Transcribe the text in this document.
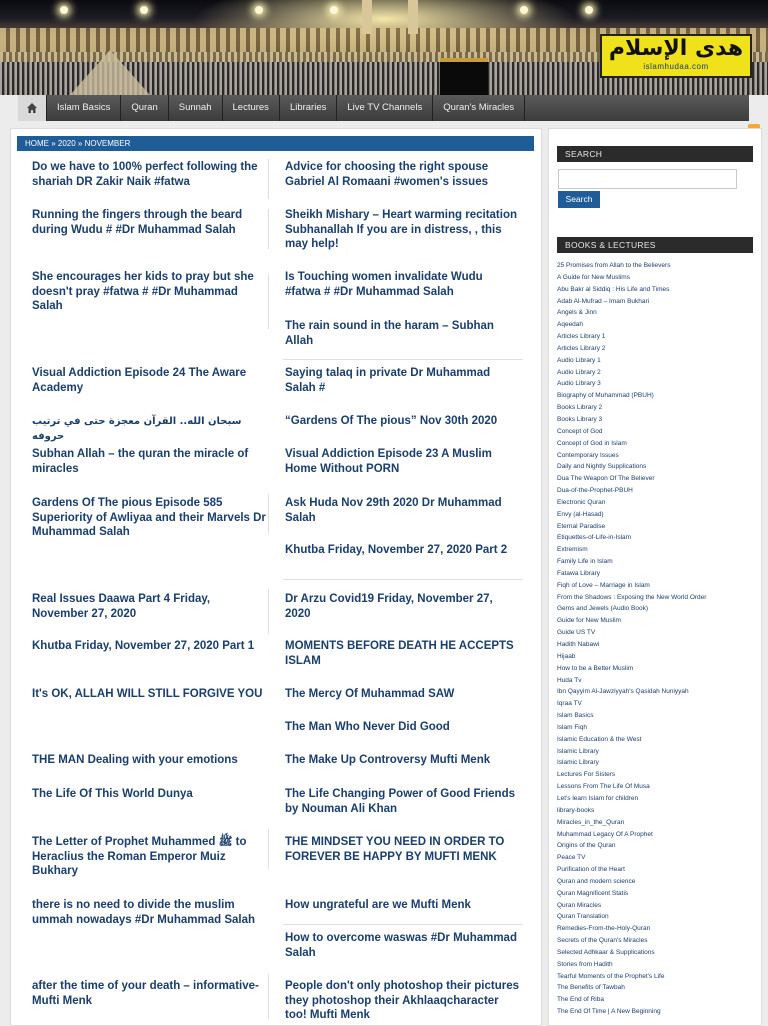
هدى الإسلام
islamhudaa.com
Islam Basics	Quran	Sunnah	Lectures	Libraries	Live TV Channels	Quran's Miracles
HOME » 2020 » NOVEMBER
Do we have to 100% perfect following the shariah DR Zakir Naik #fatwa
Advice for choosing the right spouse Gabriel Al Romaani #women's issues
Running the fingers through the beard during Wudu # #Dr Muhammad Salah
Sheikh Mishary – Heart warming recitation Subhanallah If you are in distress, , this may help!
She encourages her kids to pray but she doesn't pray #fatwa # #Dr Muhammad Salah
Is Touching women invalidate Wudu #fatwa # #Dr Muhammad Salah
The rain sound in the haram – Subhan Allah
Visual Addiction Episode 24 The Aware Academy
Saying talaq in private Dr Muhammad Salah #
سبحان الله.. القرآن معجزة حتى في ترتيب حروفه
“Gardens Of The pious” Nov 30th 2020
Subhan Allah – the quran the miracle of miracles
Visual Addiction Episode 23 A Muslim Home Without PORN
Gardens Of The pious Episode 585 Superiority of Awliyaa and their Marvels Dr Muhammad Salah
Ask Huda Nov 29th 2020 Dr Muhammad Salah
Khutba Friday, November 27, 2020 Part 2
Real Issues Daawa Part 4 Friday, November 27, 2020
Dr Arzu Covid19 Friday, November 27, 2020
Khutba Friday, November 27, 2020 Part 1	MOMENTS BEFORE DEATH HE ACCEPTS ISLAM
It's OK, ALLAH WILL STILL FORGIVE YOU	The Mercy Of Muhammad SAW
The Man Who Never Did Good
THE MAN Dealing with your emotions	The Make Up Controversy Mufti Menk
The Life Of This World Dunya	The Life Changing Power of Good Friends by Nouman Ali Khan
The Letter of Prophet Muhammed ﷺ to Heraclius the Roman Emperor Muiz Bukhary
THE MINDSET YOU NEED IN ORDER TO FOREVER BE HAPPY BY MUFTI MENK
there is no need to divide the muslim ummah nowadays #Dr Muhammad Salah
How ungrateful are we Mufti Menk
How to overcome waswas #Dr Muhammad Salah
after the time of your death – informative- Mufti Menk
People don't only photoshop their pictures they photoshop their Akhlaaqcharacter too! Mufti Menk
SEARCH
Search
BOOKS & LECTURES
25 Promises from Allah to the Believers
A Guide for New Muslims
Abu Bakr al Siddiq : His Life and Times
Adab Al-Mufrad – Imam Bukhari
Angels & Jinn
Aqeedah
Articles Library 1
Articles Library 2
Audio Library 1
Audio Library 2
Audio Library 3
Biography of Muhammad (PBUH)
Books Library 2
Books Library 3
Concept of God
Concept of God in Islam
Contemporary Issues
Daily and Nightly Supplications
Dua The Weapon Of The Believer
Dua-of-the-Prophet-PBUH
Electronic Quran
Envy (al-Hasad)
Eternal Paradise
Etiquettes-of-Life-in-Islam
Extremism
Family Life in Islam
Fatawa Library
Fiqh of Love – Marriage in Islam
From the Shadows : Exposing the New World Order
Gems and Jewels (Audio Book)
Guide for New Muslim
Guide US TV
Hadith Nabawi
Hijaab
How to be a Better Muslim
Huda Tv
Ibn Qayyim Al-Jawziyyah's Qasidah Nuniyyah
Iqraa TV
Islam Basics
Islam Fiqh
Islamic Education & the West
Islamic Library
Islamic Library
Lectures For Sisters
Lessons From The Life Of Musa
Let's learn Islam for children
library-books
Miracles_in_the_Quran
Muhammad Legacy Of A Prophet
Origins of the Quran
Peace TV
Purification of the Heart
Quran and modern science
Quran Magnificent Statis
Quran Miracles
Quran Translation
Remedies-From-the-Holy-Quran
Secrets of the Quran's Miracles
Selected Adhkaar & Supplications
Stories from Hadith
Tearful Moments of the Prophet's Life
The Benefits of Tawbah
The End of Riba
The End Of Time | A New Beginning
